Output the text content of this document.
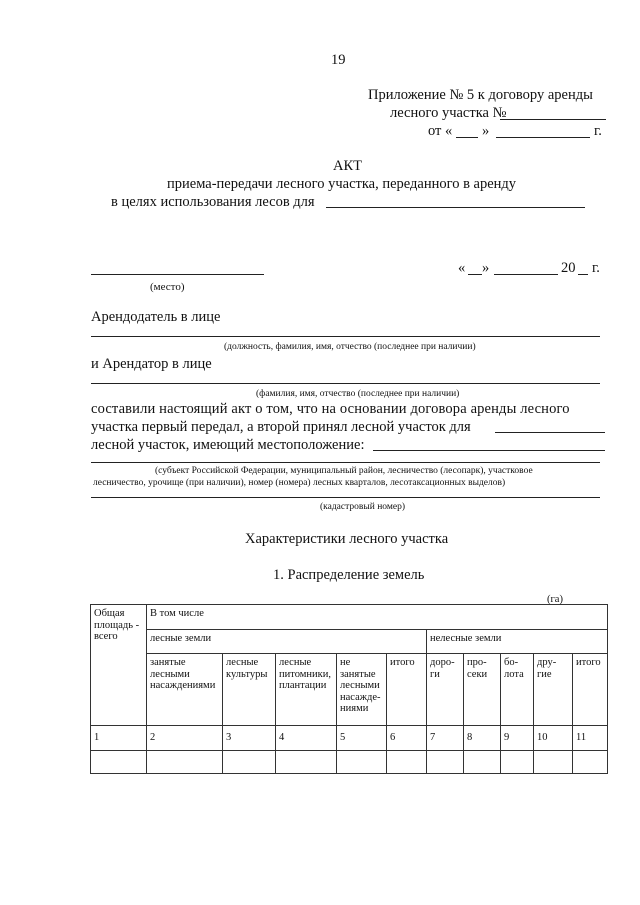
19
Приложение № 5 к договору аренды
лесного участка №
от « »	г.
АКТ
приема-передачи лесного участка, переданного в аренду
в целях использования лесов для
(место)
« »	20 г.
Арендодатель в лице
(должность, фамилия, имя, отчество (последнее при наличии)
и Арендатор в лице
(фамилия, имя, отчество (последнее при наличии)
составили настоящий акт о том, что на основании договора аренды лесного
участка первый передал, а второй принял лесной участок для
лесной участок, имеющий местоположение:
(субъект Российской Федерации, муниципальный район, лесничество (лесопарк), участковое
лесничество, урочище (при наличии), номер (номера) лесных кварталов, лесотаксационных выделов)
(кадастровый номер)
Характеристики лесного участка
1. Распределение земель
(га)
Общая площадь - всего	В том числе									
	лесные земли					нелесные земли				
	занятые лесными насаждениями	лесные культуры	лесные питомники, плантации	не занятые лесными насажде-ниями	итого	доро-ги	про-секи	бо-лота	дру-гие	итого
1	2	3	4	5	6	7	8	9	10	11
